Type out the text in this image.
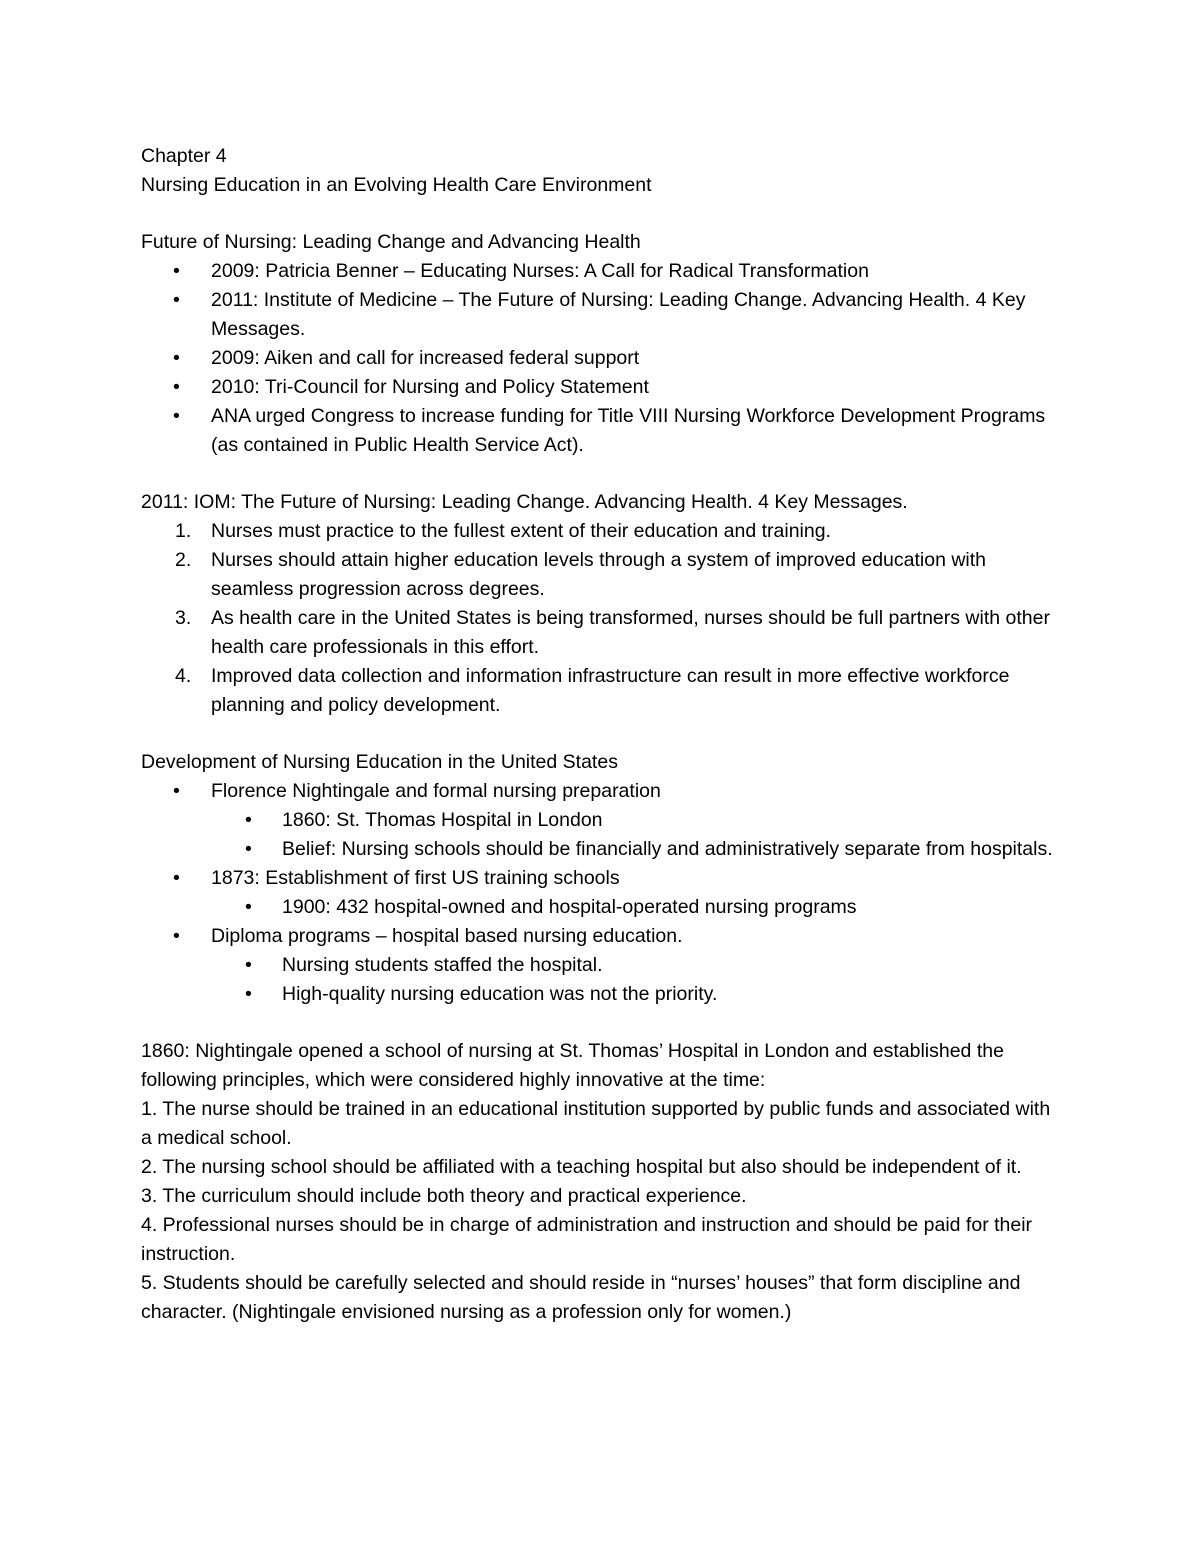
Chapter 4
Nursing Education in an Evolving Health Care Environment
Future of Nursing: Leading Change and Advancing Health
• 2009: Patricia Benner – Educating Nurses: A Call for Radical Transformation
• 2011: Institute of Medicine – The Future of Nursing: Leading Change. Advancing Health. 4 Key Messages.
• 2009: Aiken and call for increased federal support
• 2010: Tri-Council for Nursing and Policy Statement
• ANA urged Congress to increase funding for Title VIII Nursing Workforce Development Programs (as contained in Public Health Service Act).
2011: IOM: The Future of Nursing: Leading Change. Advancing Health. 4 Key Messages.
1. Nurses must practice to the fullest extent of their education and training.
2. Nurses should attain higher education levels through a system of improved education with seamless progression across degrees.
3. As health care in the United States is being transformed, nurses should be full partners with other health care professionals in this effort.
4. Improved data collection and information infrastructure can result in more effective workforce planning and policy development.
Development of Nursing Education in the United States
• Florence Nightingale and formal nursing preparation
• 1860: St. Thomas Hospital in London
• Belief: Nursing schools should be financially and administratively separate from hospitals.
• 1873: Establishment of first US training schools
• 1900: 432 hospital-owned and hospital-operated nursing programs
• Diploma programs – hospital based nursing education.
• Nursing students staffed the hospital.
• High-quality nursing education was not the priority.
1860: Nightingale opened a school of nursing at St. Thomas’ Hospital in London and established the following principles, which were considered highly innovative at the time:
1. The nurse should be trained in an educational institution supported by public funds and associated with a medical school.
2. The nursing school should be affiliated with a teaching hospital but also should be independent of it.
3. The curriculum should include both theory and practical experience.
4. Professional nurses should be in charge of administration and instruction and should be paid for their instruction.
5. Students should be carefully selected and should reside in “nurses’ houses” that form discipline and character. (Nightingale envisioned nursing as a profession only for women.)
